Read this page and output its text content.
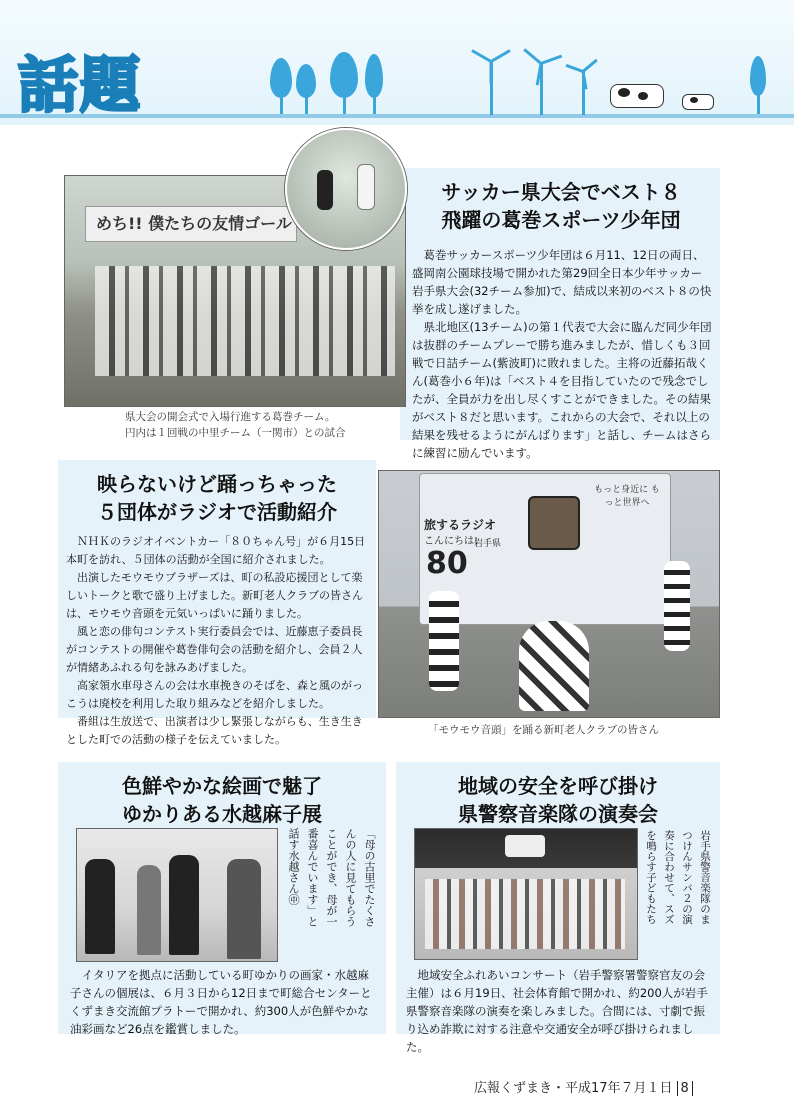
話題
めち!! 僕たちの友情ゴール
県大会の開会式で入場行進する葛巻チーム。
円内は１回戦の中里チーム（一関市）との試合
サッカー県大会でベスト８
飛躍の葛巻スポーツ少年団

葛巻サッカースポーツ少年団は６月11、12日の両日、盛岡南公園球技場で開かれた第29回全日本少年サッカー岩手県大会(32チーム参加)で、結成以来初のベスト８の快挙を成し遂げました。

県北地区(13チーム)の第１代表で大会に臨んだ同少年団は抜群のチームプレーで勝ち進みましたが、惜しくも３回戦で日詰チーム(紫波町)に敗れました。主将の近藤拓哉くん(葛巻小６年)は「ベスト４を目指していたので残念でしたが、全員が力を出し尽くすことができました。その結果がベスト８だと思います。これからの大会で、それ以上の結果を残せるようにがんばります」と話し、チームはさらに練習に励んでいます。

映らないけど踊っちゃった
５団体がラジオで活動紹介

ＮＨＫのラジオイベントカー「８０ちゃん号」が６月15日本町を訪れ、５団体の活動が全国に紹介されました。

出演したモウモウブラザーズは、町の私設応援団として楽しいトークと歌で盛り上げました。新町老人クラブの皆さんは、モウモウ音頭を元気いっぱいに踊りました。

風と恋の俳句コンテスト実行委員会では、近藤恵子委員長がコンテストの開催や葛巻俳句会の活動を紹介し、会員２人が情緒あふれる句を詠みあげました。

高家領水車母さんの会は水車挽きのそばを、森と風のがっこうは廃校を利用した取り組みなどを紹介しました。

番組は生放送で、出演者は少し緊張しながらも、生き生きとした町での活動の様子を伝えていました。

旅するラジオ
こんにちは!
80
岩手県
もっと身近に もっと世界へ
「モウモウ音頭」を踊る新町老人クラブの皆さん
色鮮やかな絵画で魅了
ゆかりある水越麻子展
「母の古里でたくさ
んの人に見てもらう
ことができ、母が一
番喜んでいます」と
話す水越さん㊥

イタリアを拠点に活動している町ゆかりの画家・水越麻子さんの個展は、６月３日から12日まで町総合センターとくずまき交流館プラトーで開かれ、約300人が色鮮やかな油彩画など26点を鑑賞しました。

地域の安全を呼び掛け
県警察音楽隊の演奏会
岩手県警音楽隊のま
つけんサンバ２の演
奏に合わせて、スズ
を鳴らす子どもたち

地域安全ふれあいコンサート（岩手警察署警察官友の会主催）は６月19日、社会体育館で開かれ、約200人が岩手県警察音楽隊の演奏を楽しみました。合間には、寸劇で振り込め詐欺に対する注意や交通安全が呼び掛けられました。

広報くずまき・平成17年７月１日 8
